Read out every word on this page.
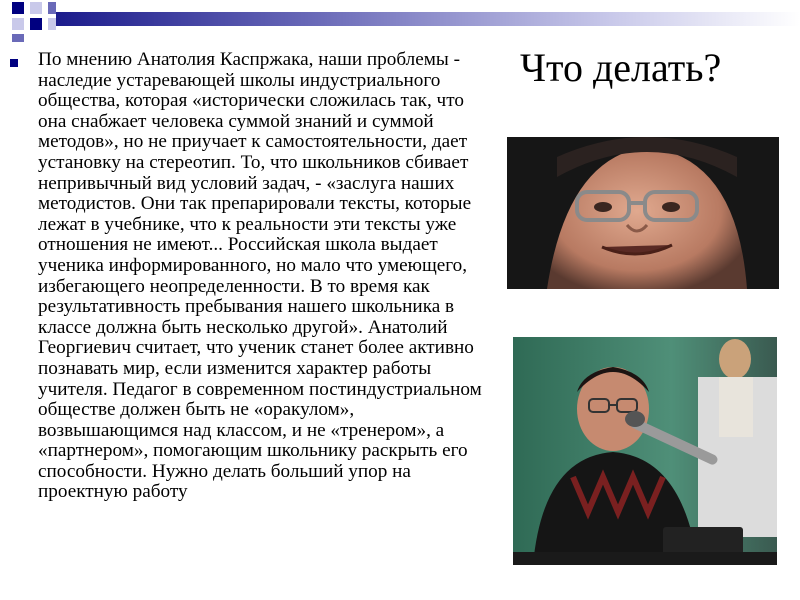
Что делать?
По мнению Анатолия Каспржака, наши проблемы - наследие устаревающей школы индустриального общества, которая «исторически сложилась так, что она снабжает человека суммой знаний и суммой методов», но не приучает к самостоятельности, дает установку на стереотип. То, что школьников сбивает непривычный вид условий задач, - «заслуга наших методистов. Они так препарировали тексты, которые лежат в учебнике, что к реальности эти тексты уже отношения не имеют... Российская школа выдает ученика информированного, но мало что умеющего, избегающего неопределенности. В то время как результативность пребывания нашего школьника в классе должна быть несколько другой». Анатолий Георгиевич считает, что ученик станет более активно познавать мир, если изменится характер работы учителя. Педагог в современном постиндустриальном обществе должен быть не «оракулом», возвышающимся над классом, и не «тренером», а «партнером», помогающим школьнику раскрыть его способности. Нужно делать больший упор на проектную работу
